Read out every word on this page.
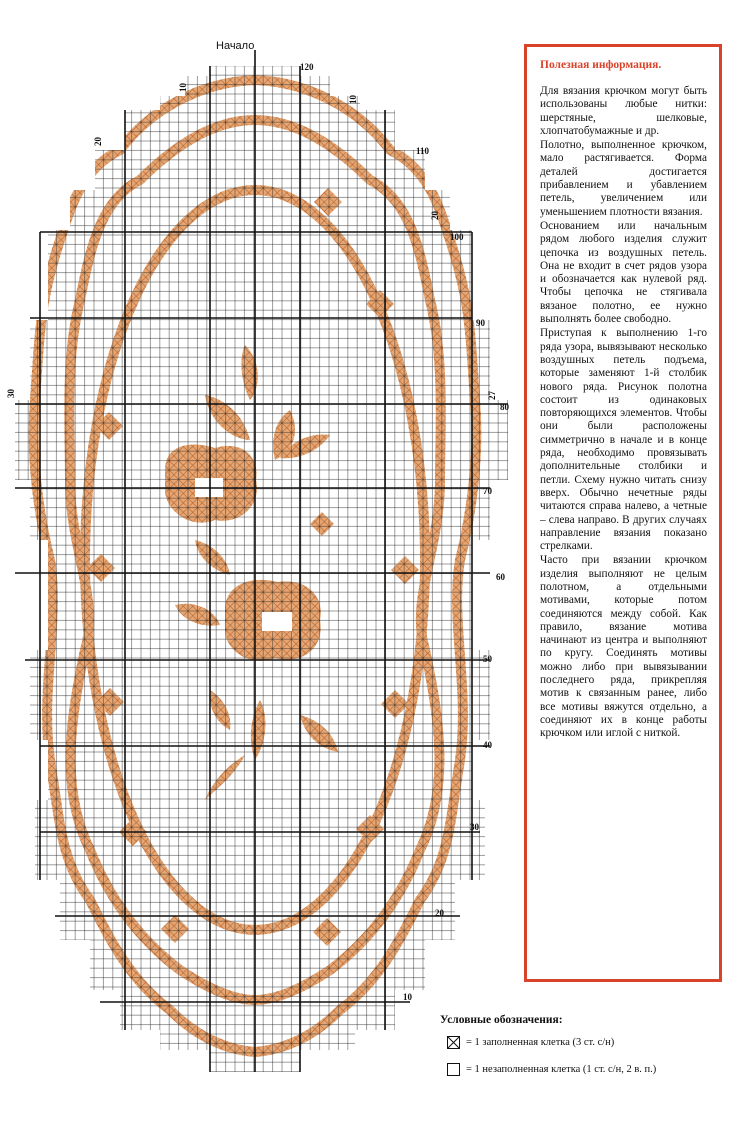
120
110
100
90
80
70
60
50
40
30
20
10
10
10
20
20
27
30
Начало
Полезная информация.

Для вязания крючком могут быть использованы любые нитки: шерстяные, шелковые, хлопчатобумажные и др.

Полотно, выполненное крючком, мало растягивается. Форма деталей достигается прибавлением и убавлением петель, увеличением или уменьшением плотности вязания.

Основанием или начальным рядом любого изделия служит цепочка из воздушных петель. Она не входит в счет рядов узора и обозначается как нулевой ряд. Чтобы цепочка не стягивала вязаное полотно, ее нужно выполнять более свободно.

Приступая к выполнению 1-го ряда узора, вывязывают несколько воздушных петель подъема, которые заменяют 1-й столбик нового ряда. Рисунок полотна состоит из одинаковых повторяющихся элементов. Чтобы они были расположены симметрично в начале и в конце ряда, необходимо провязывать дополнительные столбики и петли. Схему нужно читать снизу вверх. Обычно нечетные ряды читаются справа налево, а четные – слева направо. В других случаях направление вязания показано стрелками.

Часто при вязании крючком изделия выполняют не целым полотном, а отдельными мотивами, которые потом соединяются между собой. Как правило, вязание мотива начинают из центра и выполняют по кругу. Соединять мотивы можно либо при вывязывании последнего ряда, прикрепляя мотив к связанным ранее, либо все мотивы вяжутся отдельно, а соединяют их в конце работы крючком или иглой с ниткой.

Условные обозначения:
= 1 заполненная клетка (3 ст. с/н)
= 1 незаполненная клетка (1 ст. с/н, 2 в. п.)
